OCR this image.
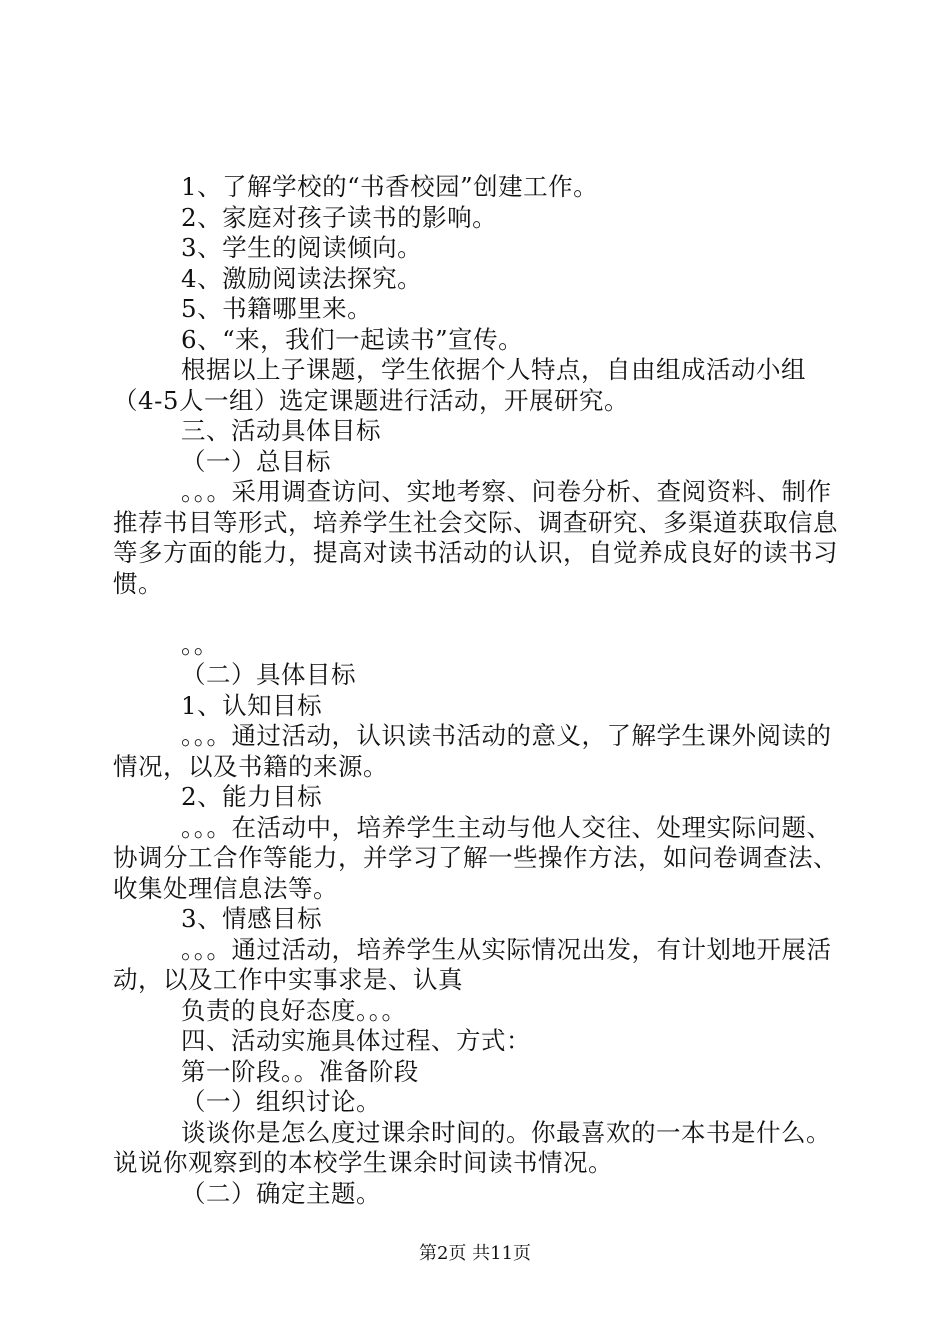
1、了解学校的“书香校园”创建工作。

2、家庭对孩子读书的影响。

3、学生的阅读倾向。

4、激励阅读法探究。

5、书籍哪里来。

6、“来，我们一起读书”宣传。

根据以上子课题，学生依据个人特点，自由组成活动小组（4-5人一组）选定课题进行活动，开展研究。

三、活动具体目标

（一）总目标

。。。采用调查访问、实地考察、问卷分析、查阅资料、制作推荐书目等形式，培养学生社会交际、调查研究、多渠道获取信息等多方面的能力，提高对读书活动的认识，自觉养成良好的读书习惯。

。。

（二）具体目标

1、认知目标

。。。通过活动，认识读书活动的意义，了解学生课外阅读的情况，以及书籍的来源。

2、能力目标

。。。在活动中，培养学生主动与他人交往、处理实际问题、协调分工合作等能力，并学习了解一些操作方法，如问卷调查法、收集处理信息法等。

3、情感目标

。。。通过活动，培养学生从实际情况出发，有计划地开展活动，以及工作中实事求是、认真

负责的良好态度。。。

四、活动实施具体过程、方式：

第一阶段。。准备阶段

（一）组织讨论。

谈谈你是怎么度过课余时间的。你最喜欢的一本书是什么。说说你观察到的本校学生课余时间读书情况。

（二）确定主题。

第2页 共11页
